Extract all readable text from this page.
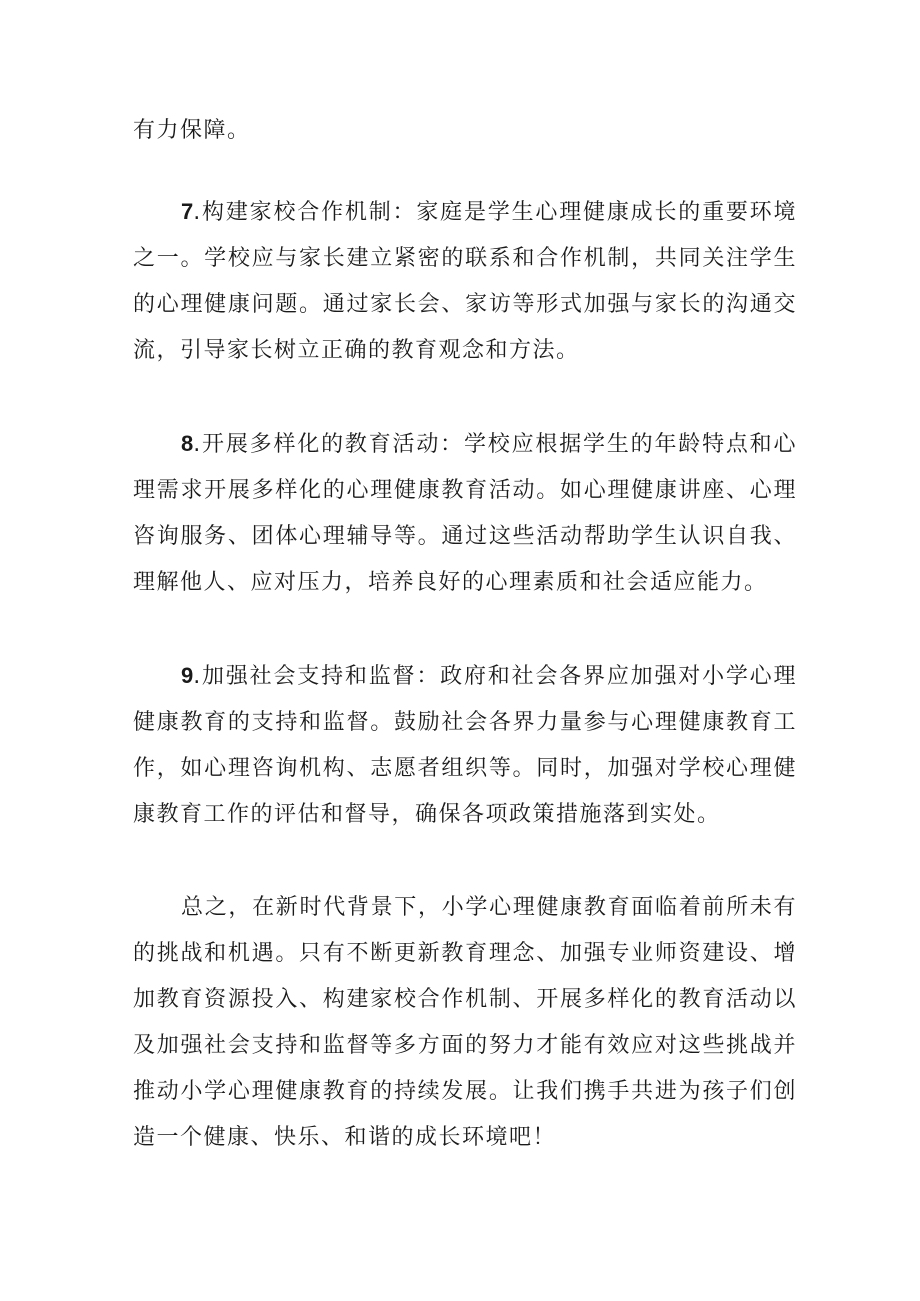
有力保障。

7.构建家校合作机制：家庭是学生心理健康成长的重要环境之一。学校应与家长建立紧密的联系和合作机制，共同关注学生的心理健康问题。通过家长会、家访等形式加强与家长的沟通交流，引导家长树立正确的教育观念和方法。

8.开展多样化的教育活动：学校应根据学生的年龄特点和心理需求开展多样化的心理健康教育活动。如心理健康讲座、心理咨询服务、团体心理辅导等。通过这些活动帮助学生认识自我、理解他人、应对压力，培养良好的心理素质和社会适应能力。

9.加强社会支持和监督：政府和社会各界应加强对小学心理健康教育的支持和监督。鼓励社会各界力量参与心理健康教育工作，如心理咨询机构、志愿者组织等。同时，加强对学校心理健康教育工作的评估和督导，确保各项政策措施落到实处。

总之，在新时代背景下，小学心理健康教育面临着前所未有的挑战和机遇。只有不断更新教育理念、加强专业师资建设、增加教育资源投入、构建家校合作机制、开展多样化的教育活动以及加强社会支持和监督等多方面的努力才能有效应对这些挑战并推动小学心理健康教育的持续发展。让我们携手共进为孩子们创造一个健康、快乐、和谐的成长环境吧！
